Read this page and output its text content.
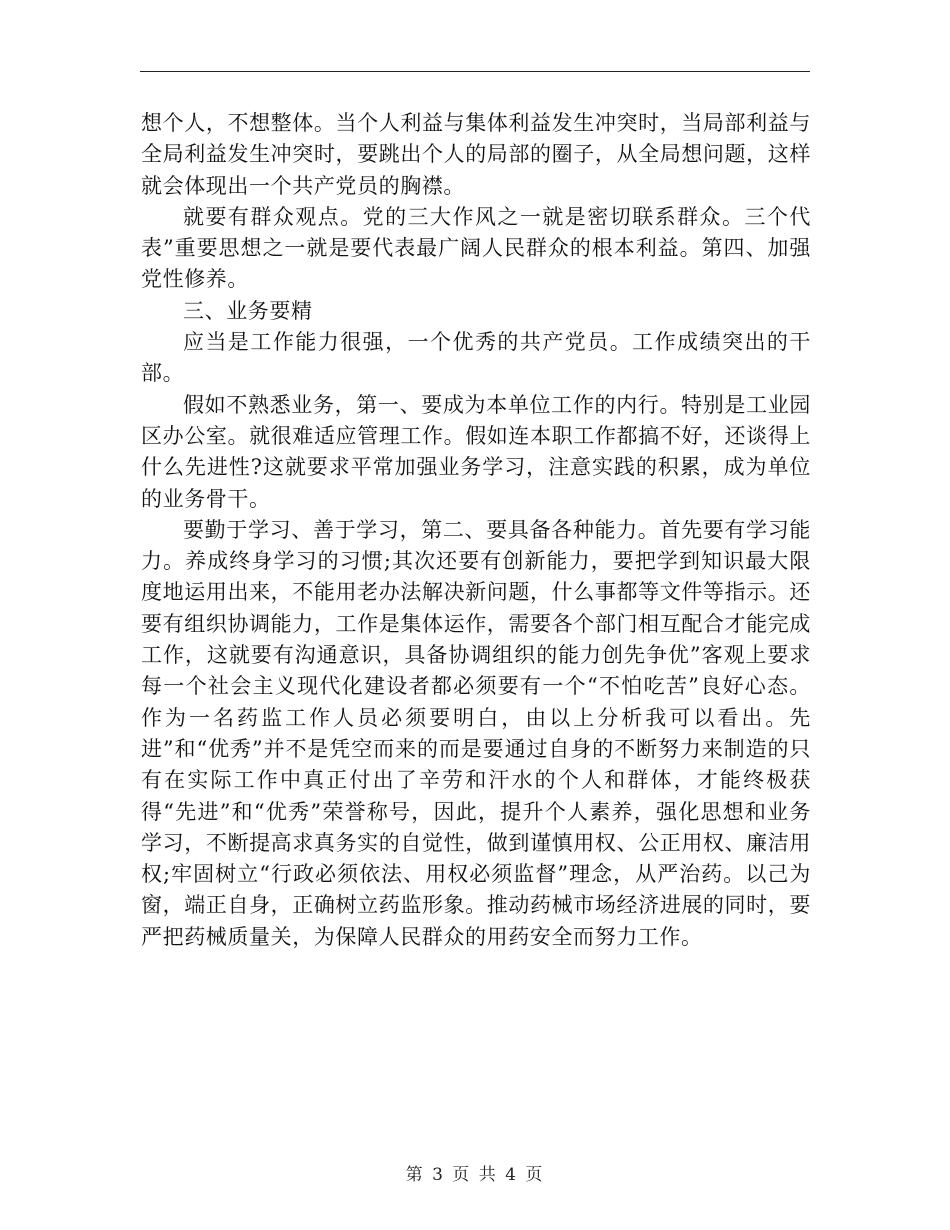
想个人，不想整体。当个人利益与集体利益发生冲突时，当局部利益与全局利益发生冲突时，要跳出个人的局部的圈子，从全局想问题，这样就会体现出一个共产党员的胸襟。

就要有群众观点。党的三大作风之一就是密切联系群众。三个代表”重要思想之一就是要代表最广阔人民群众的根本利益。第四、加强党性修养。

三、业务要精

应当是工作能力很强，一个优秀的共产党员。工作成绩突出的干部。

假如不熟悉业务，第一、要成为本单位工作的内行。特别是工业园区办公室。就很难适应管理工作。假如连本职工作都搞不好，还谈得上什么先进性?这就要求平常加强业务学习，注意实践的积累，成为单位的业务骨干。

要勤于学习、善于学习，第二、要具备各种能力。首先要有学习能力。养成终身学习的习惯;其次还要有创新能力，要把学到知识最大限度地运用出来，不能用老办法解决新问题，什么事都等文件等指示。还要有组织协调能力，工作是集体运作，需要各个部门相互配合才能完成工作，这就要有沟通意识，具备协调组织的能力创先争优”客观上要求每一个社会主义现代化建设者都必须要有一个“不怕吃苦”良好心态。作为一名药监工作人员必须要明白，由以上分析我可以看出。先进”和“优秀”并不是凭空而来的而是要通过自身的不断努力来制造的只有在实际工作中真正付出了辛劳和汗水的个人和群体，才能终极获得“先进”和“优秀”荣誉称号，因此，提升个人素养，强化思想和业务学习，不断提高求真务实的自觉性，做到谨慎用权、公正用权、廉洁用权;牢固树立“行政必须依法、用权必须监督”理念，从严治药。以己为窗，端正自身，正确树立药监形象。推动药械市场经济进展的同时，要严把药械质量关，为保障人民群众的用药安全而努力工作。

第 3 页 共 4 页
